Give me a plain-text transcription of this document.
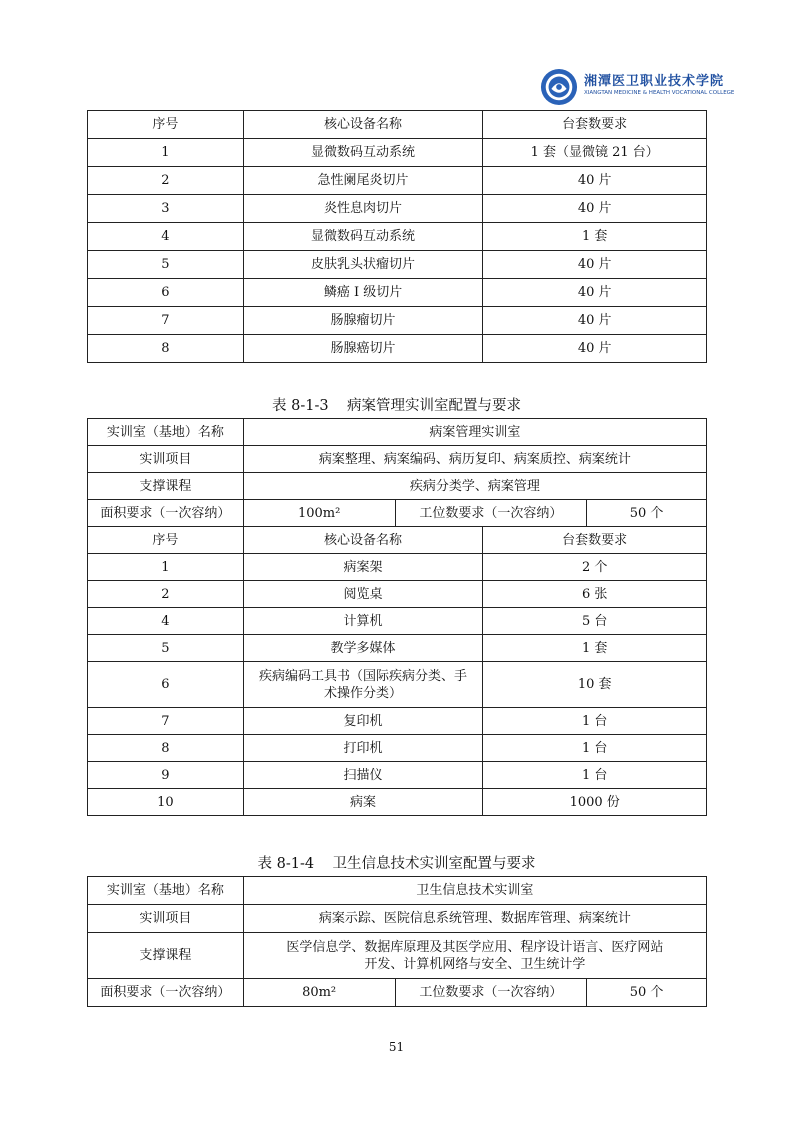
湘潭医卫职业技术学院
XIANGTAN MEDICINE & HEALTH VOCATIONAL COLLEGE
序号	核心设备名称	台套数要求
1	显微数码互动系统	1 套（显微镜 21 台）
2	急性阑尾炎切片	40 片
3	炎性息肉切片	40 片
4	显微数码互动系统	1 套
5	皮肤乳头状瘤切片	40 片
6	鳞癌 I 级切片	40 片
7	肠腺瘤切片	40 片
8	肠腺癌切片	40 片
表 8-1-3    病案管理实训室配置与要求
实训室（基地）名称	病案管理实训室			
实训项目	病案整理、病案编码、病历复印、病案质控、病案统计			
支撑课程	疾病分类学、病案管理			
面积要求（一次容纳）	100m²	工位数要求（一次容纳）		50 个
序号	核心设备名称		台套数要求	
1	病案架		2 个	
2	阅览桌		6 张	
4	计算机		5 台	
5	教学多媒体		1 套	
6	疾病编码工具书（国际疾病分类、手术操作分类）		10 套	
7	复印机		1 台	
8	打印机		1 台	
9	扫描仪		1 台	
10	病案		1000 份	
表 8-1-4    卫生信息技术实训室配置与要求
实训室（基地）名称	卫生信息技术实训室		
实训项目	病案示踪、医院信息系统管理、数据库管理、病案统计		
支撑课程	医学信息学、数据库原理及其医学应用、程序设计语言、医疗网站开发、计算机网络与安全、卫生统计学		
面积要求（一次容纳）	80m²	工位数要求（一次容纳）	50 个
51
